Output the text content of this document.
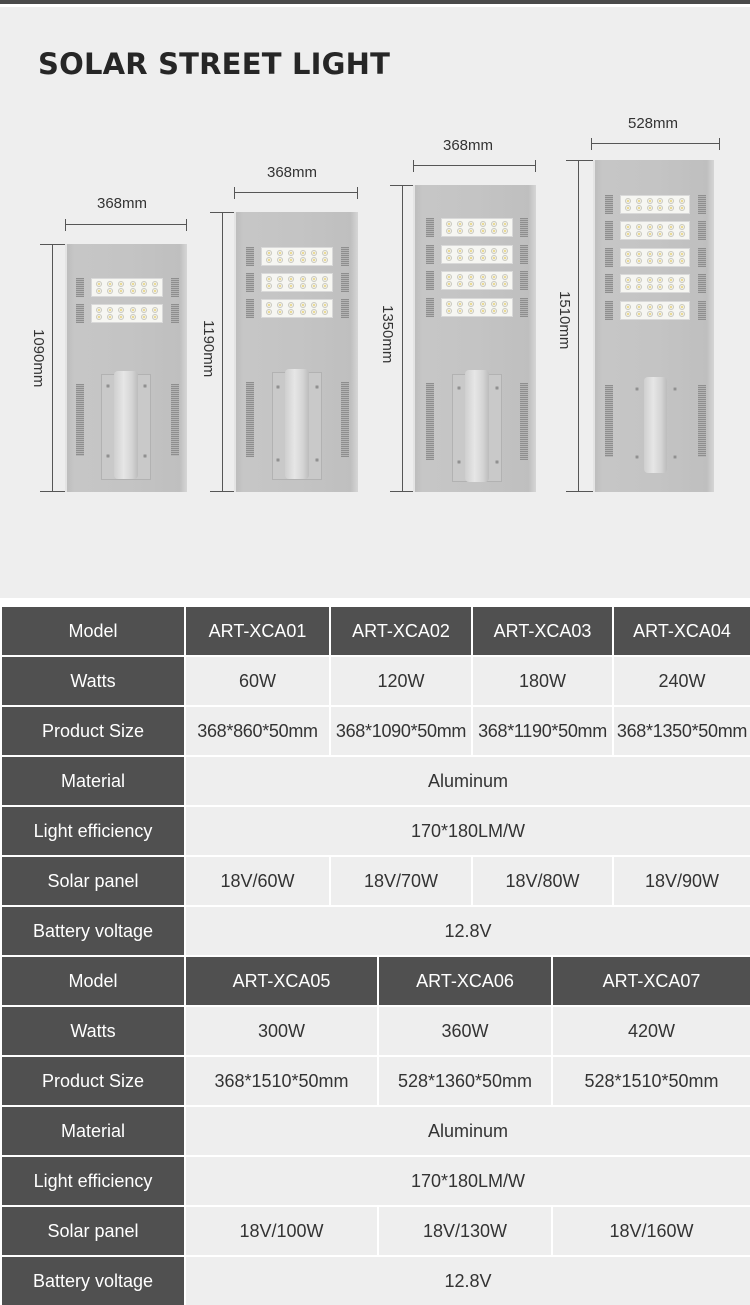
SOLAR STREET LIGHT
368mm
1090mm
368mm
1190mm
368mm
1350mm
528mm
1510mm
Model	ART-XCA01	ART-XCA02	ART-XCA03	ART-XCA04
Watts	60W	120W	180W	240W
Product Size	368*860*50mm	368*1090*50mm	368*1190*50mm	368*1350*50mm
Material	Aluminum			
Light efficiency	170*180LM/W			
Solar panel	18V/60W	18V/70W	18V/80W	18V/90W
Battery voltage	12.8V			
Model	ART-XCA05	ART-XCA06	ART-XCA07
Watts	300W	360W	420W
Product Size	368*1510*50mm	528*1360*50mm	528*1510*50mm
Material	Aluminum		
Light efficiency	170*180LM/W		
Solar panel	18V/100W	18V/130W	18V/160W
Battery voltage	12.8V		
